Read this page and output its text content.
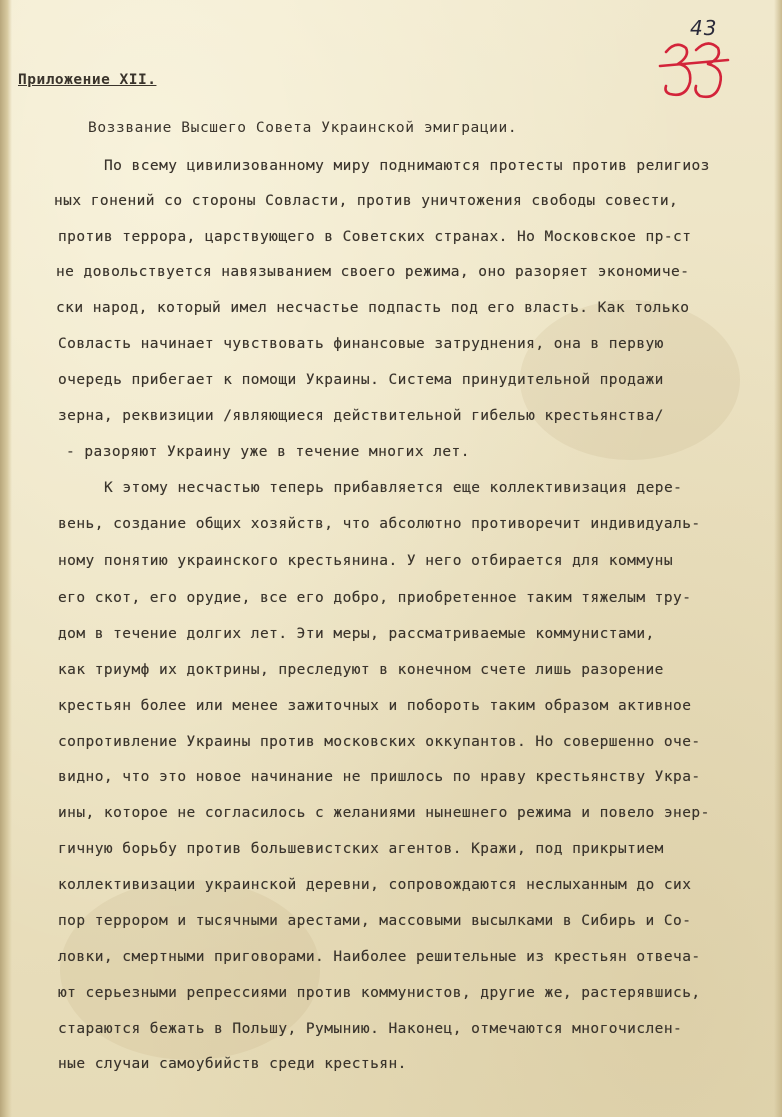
43
Приложение XII.
Воззвание Высшего Совета Украинской эмиграции.
По всему цивилизованному миру поднимаются протесты против религиоз
ных гонений со стороны Совласти, против уничтожения свободы совести,
против террора, царствующего в Советских странах. Но Московское пр-ст
не довольствуется навязыванием своего режима, оно разоряет экономиче-
ски народ, который имел несчастье подпасть под его власть. Как только
Совласть начинает чувствовать финансовые затруднения, она в первую
очередь прибегает к помощи Украины. Система принудительной продажи
зерна, реквизиции /являющиеся действительной гибелью крестьянства/
- разоряют Украину уже в течение многих лет.
К этому несчастью теперь прибавляется еще коллективизация дере-
вень, создание общих хозяйств, что абсолютно противоречит индивидуаль-
ному понятию украинского крестьянина. У него отбирается для коммуны
его скот, его орудие, все его добро, приобретенное таким тяжелым тру-
дом в течение долгих лет. Эти меры, рассматриваемые коммунистами,
как триумф их доктрины, преследуют в конечном счете лишь разорение
крестьян более или менее зажиточных и побороть таким образом активное
сопротивление Украины против московских оккупантов. Но совершенно оче-
видно, что это новое начинание не пришлось по нраву крестьянству Укра-
ины, которое не согласилось с желаниями нынешнего режима и повело энер-
гичную борьбу против большевистских агентов. Кражи, под прикрытием
коллективизации украинской деревни, сопровождаются неслыханным до сих
пор террором и тысячными арестами, массовыми высылками в Сибирь и Со-
ловки, смертными приговорами. Наиболее решительные из крестьян отвеча-
ют серьезными репрессиями против коммунистов, другие же, растерявшись,
стараются бежать в Польшу, Румынию. Наконец, отмечаются многочислен-
ные случаи самоубийств среди крестьян.
